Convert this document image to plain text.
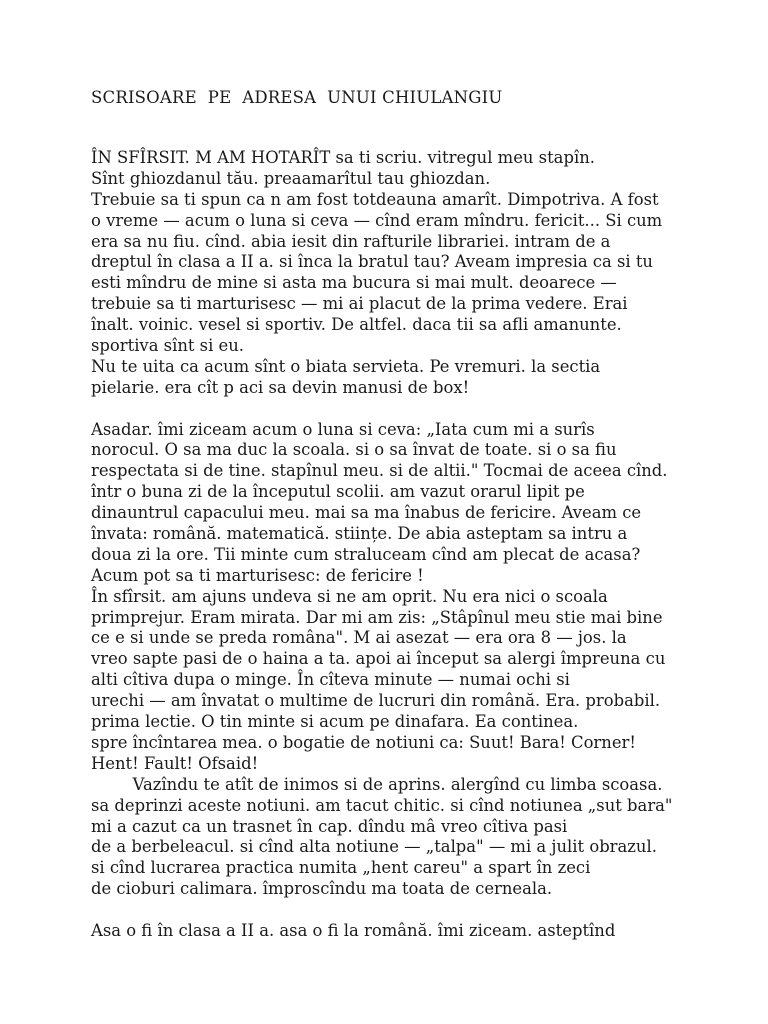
SCRISOARE  PE  ADRESA  UNUI CHIULANGIU
ÎN SFÎRSIT. M AM HOTARÎT sa ti scriu. vitregul meu stapîn.
Sînt ghiozdanul tău. preaamarîtul tau ghiozdan.
Trebuie sa ti spun ca n am fost totdeauna amarît. Dimpotriva. A fost
o vreme — acum o luna si ceva — cînd eram mîndru. fericit... Si cum
era sa nu fiu. cînd. abia iesit din rafturile librariei. intram de a
dreptul în clasa a II a. si înca la bratul tau? Aveam impresia ca si tu
esti mîndru de mine si asta ma bucura si mai mult. deoarece —
trebuie sa ti marturisesc — mi ai placut de la prima vedere. Erai
înalt. voinic. vesel si sportiv. De altfel. daca tii sa afli amanunte.
sportiva sînt si eu.
Nu te uita ca acum sînt o biata servieta. Pe vremuri. la sectia
pielarie. era cît p aci sa devin manusi de box!
Asadar. îmi ziceam acum o luna si ceva: „Iata cum mi a surîs
norocul. O sa ma duc la scoala. si o sa învat de toate. si o sa fiu
respectata si de tine. stapînul meu. si de altii." Tocmai de aceea cînd.
într o buna zi de la începutul scolii. am vazut orarul lipit pe
dinauntrul capacului meu. mai sa ma înabus de fericire. Aveam ce
învata: română. matematică. stiințe. De abia asteptam sa intru a
doua zi la ore. Tii minte cum straluceam cînd am plecat de acasa?
Acum pot sa ti marturisesc: de fericire !
În sfîrsit. am ajuns undeva si ne am oprit. Nu era nici o scoala
primprejur. Eram mirata. Dar mi am zis: „Stâpînul meu stie mai bine
ce e si unde se preda româna". M ai asezat — era ora 8 — jos. la
vreo sapte pasi de o haina a ta. apoi ai început sa alergi împreuna cu
alti cîtiva dupa o minge. În cîteva minute — numai ochi si
urechi — am învatat o multime de lucruri din română. Era. probabil.
prima lectie. O tin minte si acum pe dinafara. Ea continea.
spre încîntarea mea. o bogatie de notiuni ca: Suut! Bara! Corner!
Hent! Fault! Ofsaid!
Vazîndu te atît de inimos si de aprins. alergînd cu limba scoasa.
sa deprinzi aceste notiuni. am tacut chitic. si cînd notiunea „sut bara"
mi a cazut ca un trasnet în cap. dîndu mâ vreo cîtiva pasi
de a berbeleacul. si cînd alta notiune — „talpa" — mi a julit obrazul.
si cînd lucrarea practica numita „hent careu" a spart în zeci
de cioburi calimara. împroscîndu ma toata de cerneala.
Asa o fi în clasa a II a. asa o fi la română. îmi ziceam. asteptînd
